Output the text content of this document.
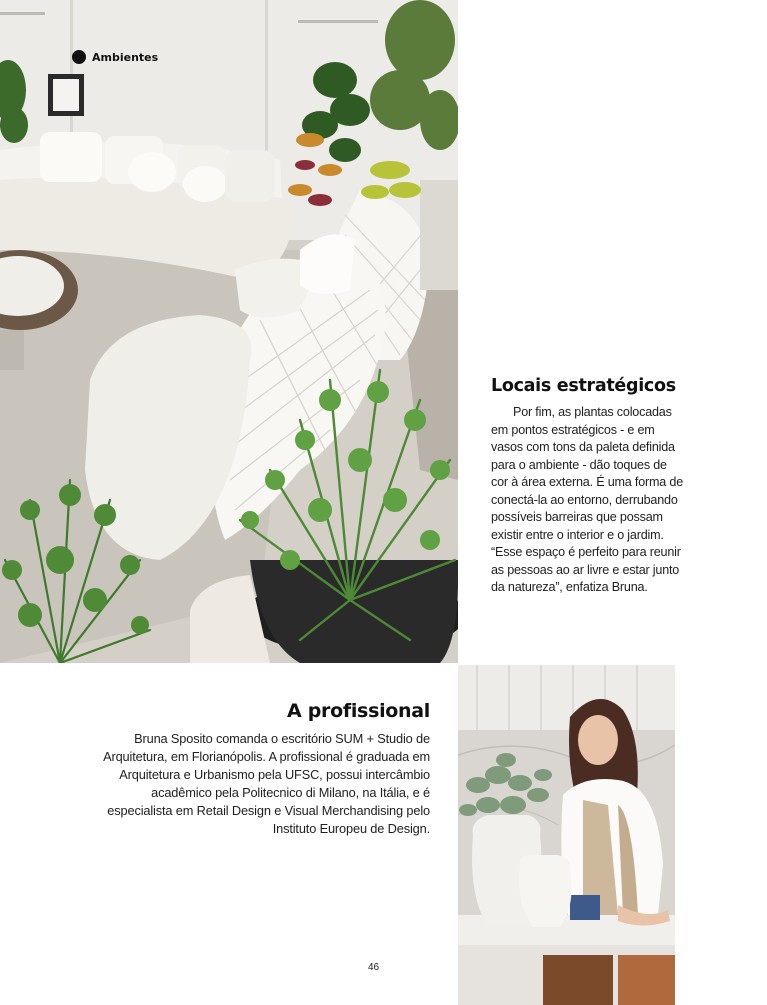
Ambientes
Locais estratégicos

Por fim, as plantas colocadas em pontos estratégicos - e em vasos com tons da paleta definida para o ambiente - dão toques de cor à área externa. É uma forma de conectá-la ao entorno, derrubando possíveis barreiras que possam existir entre o interior e o jardim. “Esse espaço é perfeito para reunir as pessoas ao ar livre e estar junto da natureza”, enfatiza Bruna.

A profissional

Bruna Sposito comanda o escritório SUM + Studio de Arquitetura, em Florianópolis. A profissional é graduada em Arquitetura e Urbanismo pela UFSC, possui intercâmbio acadêmico pela Politecnico di Milano, na Itália, e é especialista em Retail Design e Visual Merchandising pelo Instituto Europeu de Design.

46
